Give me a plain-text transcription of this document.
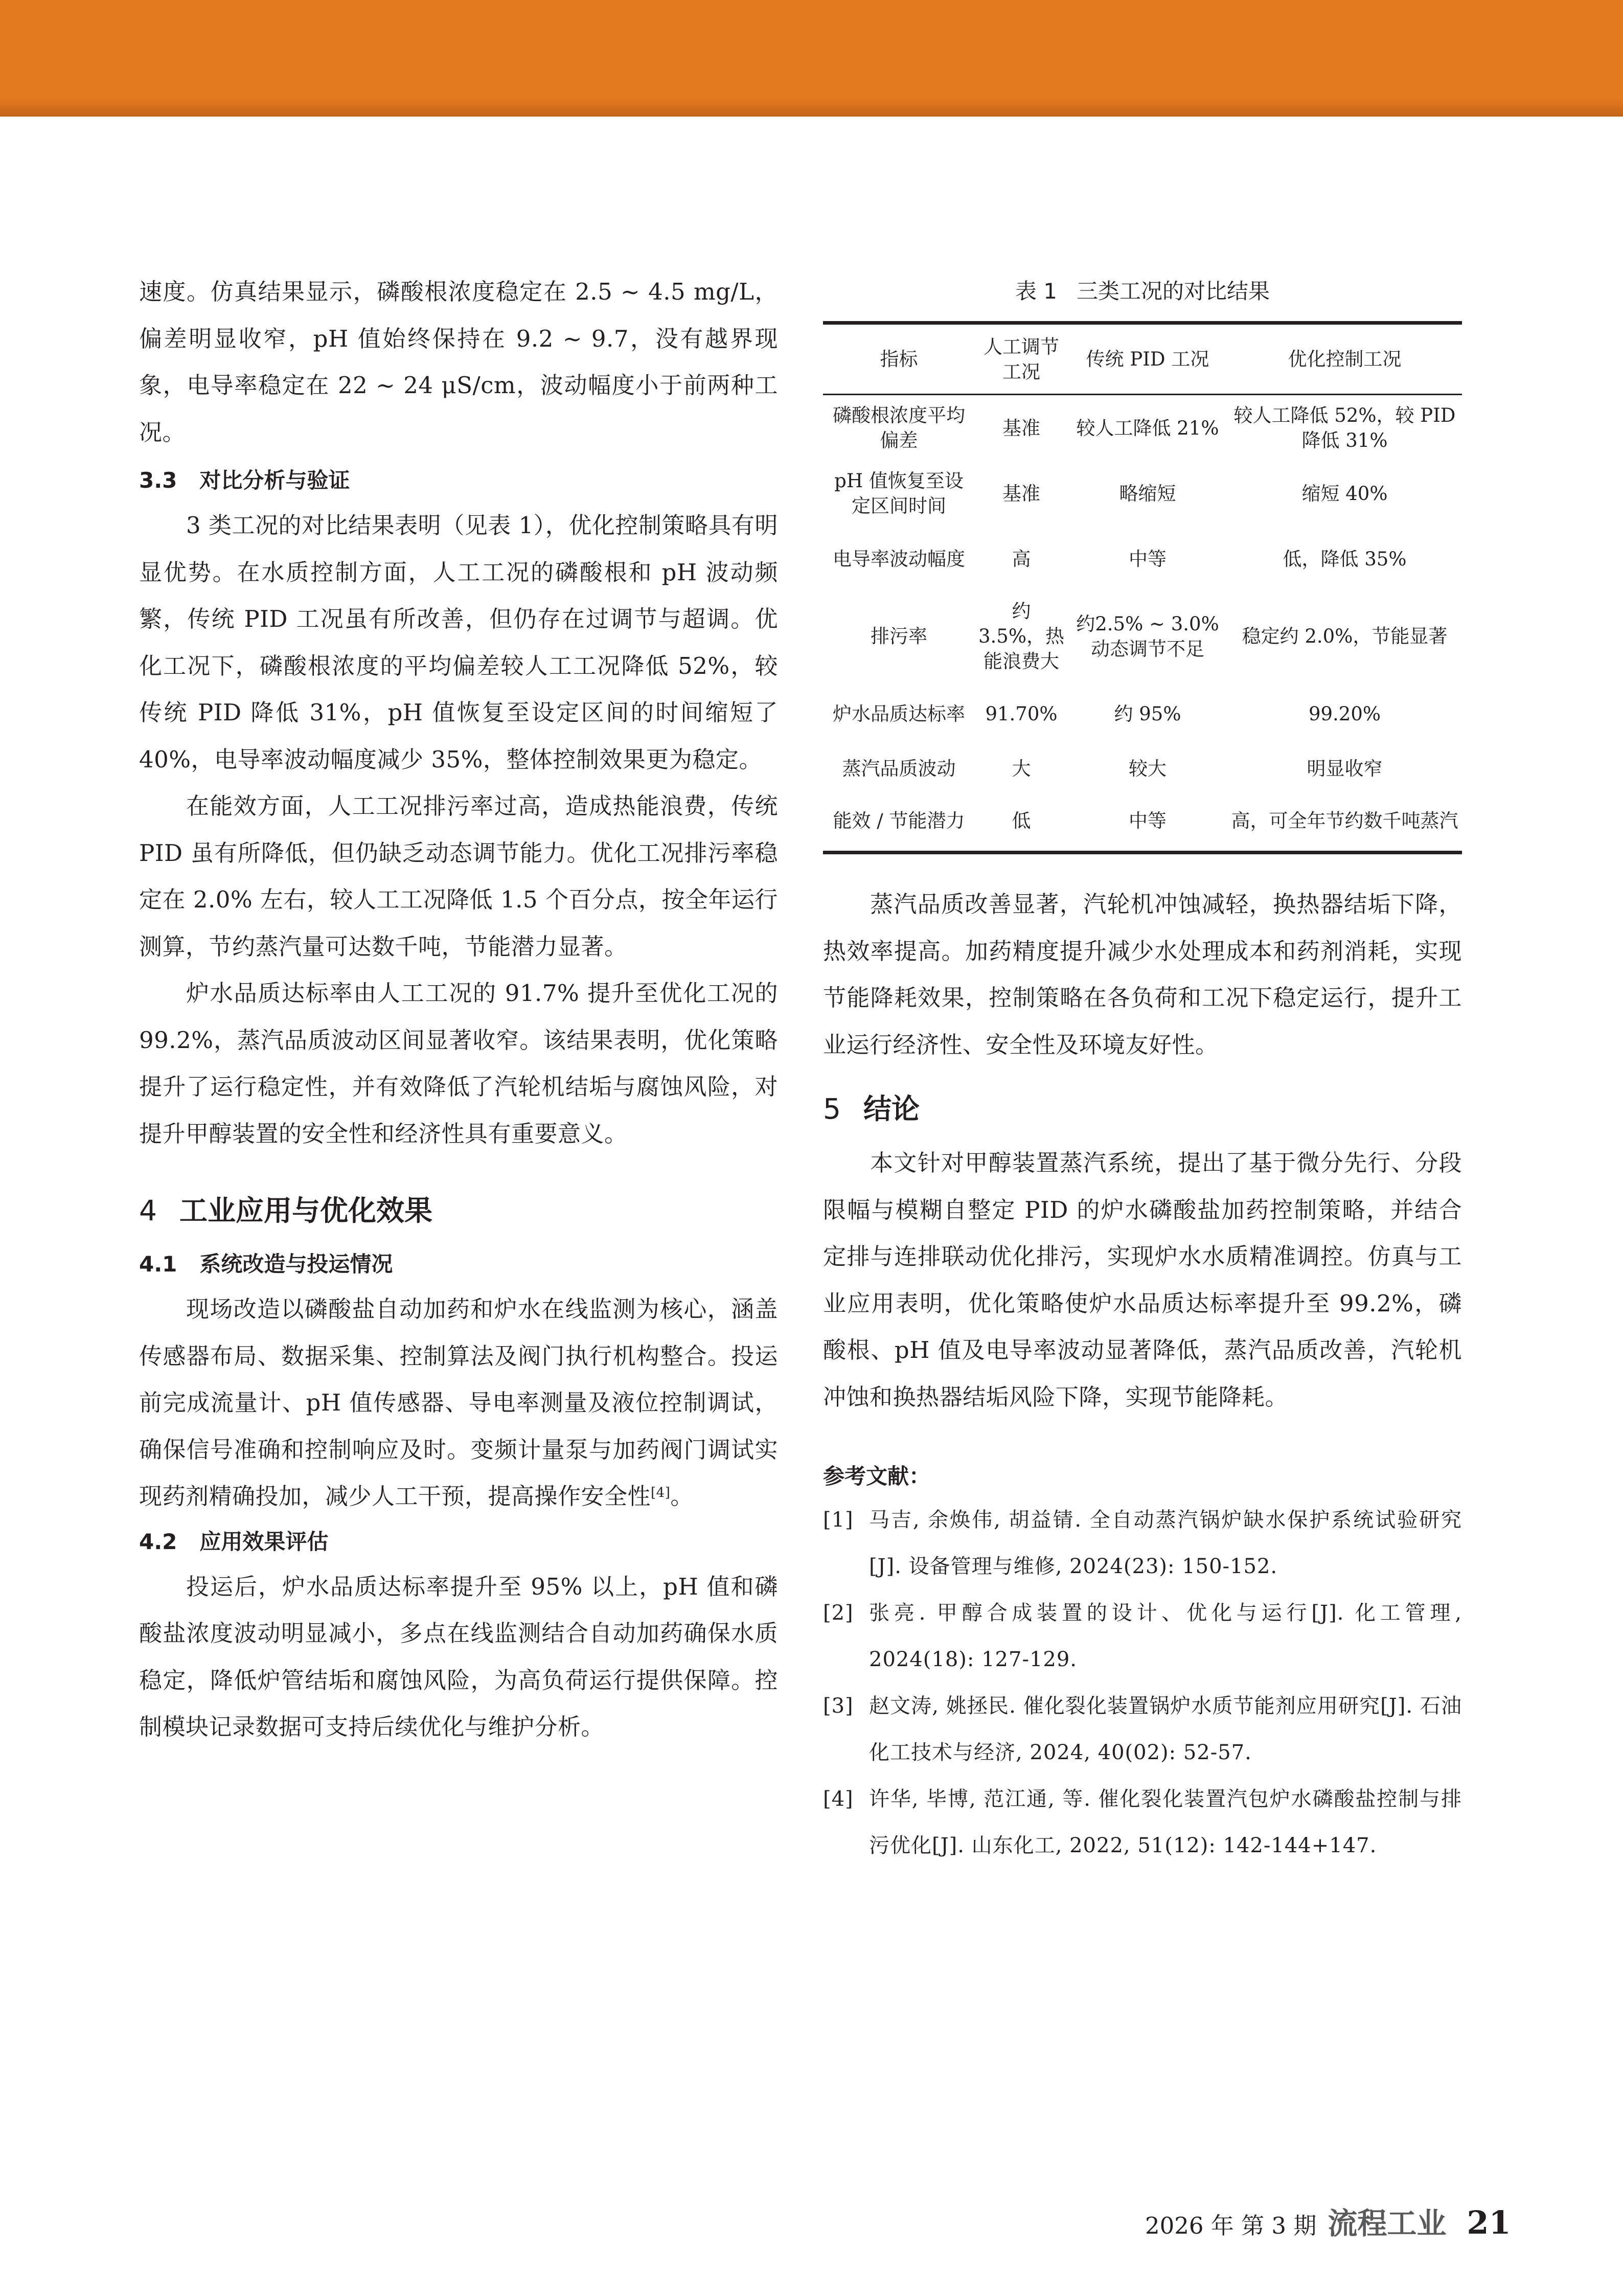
速度。仿真结果显示，磷酸根浓度稳定在 2.5 ~ 4.5 mg/L，偏差明显收窄，pH 值始终保持在 9.2 ~ 9.7，没有越界现象，电导率稳定在 22 ~ 24 μS/cm，波动幅度小于前两种工况。

3.3 对比分析与验证

3 类工况的对比结果表明（见表 1），优化控制策略具有明显优势。在水质控制方面，人工工况的磷酸根和 pH 波动频繁，传统 PID 工况虽有所改善，但仍存在过调节与超调。优化工况下，磷酸根浓度的平均偏差较人工工况降低 52%，较传统 PID 降低 31%，pH 值恢复至设定区间的时间缩短了 40%，电导率波动幅度减少 35%，整体控制效果更为稳定。

在能效方面，人工工况排污率过高，造成热能浪费，传统 PID 虽有所降低，但仍缺乏动态调节能力。优化工况排污率稳定在 2.0% 左右，较人工工况降低 1.5 个百分点，按全年运行测算，节约蒸汽量可达数千吨，节能潜力显著。

炉水品质达标率由人工工况的 91.7% 提升至优化工况的 99.2%，蒸汽品质波动区间显著收窄。该结果表明，优化策略提升了运行稳定性，并有效降低了汽轮机结垢与腐蚀风险，对提升甲醇装置的安全性和经济性具有重要意义。

4 工业应用与优化效果
4.1 系统改造与投运情况

现场改造以磷酸盐自动加药和炉水在线监测为核心，涵盖传感器布局、数据采集、控制算法及阀门执行机构整合。投运前完成流量计、pH 值传感器、导电率测量及液位控制调试，确保信号准确和控制响应及时。变频计量泵与加药阀门调试实现药剂精确投加，减少人工干预，提高操作安全性[4]。

4.2 应用效果评估

投运后，炉水品质达标率提升至 95% 以上，pH 值和磷酸盐浓度波动明显减小，多点在线监测结合自动加药确保水质稳定，降低炉管结垢和腐蚀风险，为高负荷运行提供保障。控制模块记录数据可支持后续优化与维护分析。

表 1 三类工况的对比结果
指标	人工调节工况	传统 PID 工况	优化控制工况
磷酸根浓度平均偏差	基准	较人工降低 21%	较人工降低 52%，较 PID 降低 31%
pH 值恢复至设定区间时间	基准	略缩短	缩短 40%
电导率波动幅度	高	中等	低，降低 35%
排污率	约 3.5%，热能浪费大	约2.5% ~ 3.0% 动态调节不足	稳定约 2.0%，节能显著
炉水品质达标率	91.70%	约 95%	99.20%
蒸汽品质波动	大	较大	明显收窄
能效 / 节能潜力	低	中等	高，可全年节约数千吨蒸汽

蒸汽品质改善显著，汽轮机冲蚀减轻，换热器结垢下降，热效率提高。加药精度提升减少水处理成本和药剂消耗，实现节能降耗效果，控制策略在各负荷和工况下稳定运行，提升工业运行经济性、安全性及环境友好性。

5 结论

本文针对甲醇装置蒸汽系统，提出了基于微分先行、分段限幅与模糊自整定 PID 的炉水磷酸盐加药控制策略，并结合定排与连排联动优化排污，实现炉水水质精准调控。仿真与工业应用表明，优化策略使炉水品质达标率提升至 99.2%，磷酸根、pH 值及电导率波动显著降低，蒸汽品质改善，汽轮机冲蚀和换热器结垢风险下降，实现节能降耗。

参考文献：

[1] 马吉, 余焕伟, 胡益锖. 全自动蒸汽锅炉缺水保护系统试验研究[J]. 设备管理与维修, 2024(23): 150-152.

[2] 张亮. 甲醇合成装置的设计、优化与运行[J]. 化工管理, 2024(18): 127-129.

[3] 赵文涛, 姚拯民. 催化裂化装置锅炉水质节能剂应用研究[J]. 石油化工技术与经济, 2024, 40(02): 52-57.

[4] 许华, 毕博, 范江通, 等. 催化裂化装置汽包炉水磷酸盐控制与排污优化[J]. 山东化工, 2022, 51(12): 142-144+147.

2026 年 第 3 期 流程工业 21
